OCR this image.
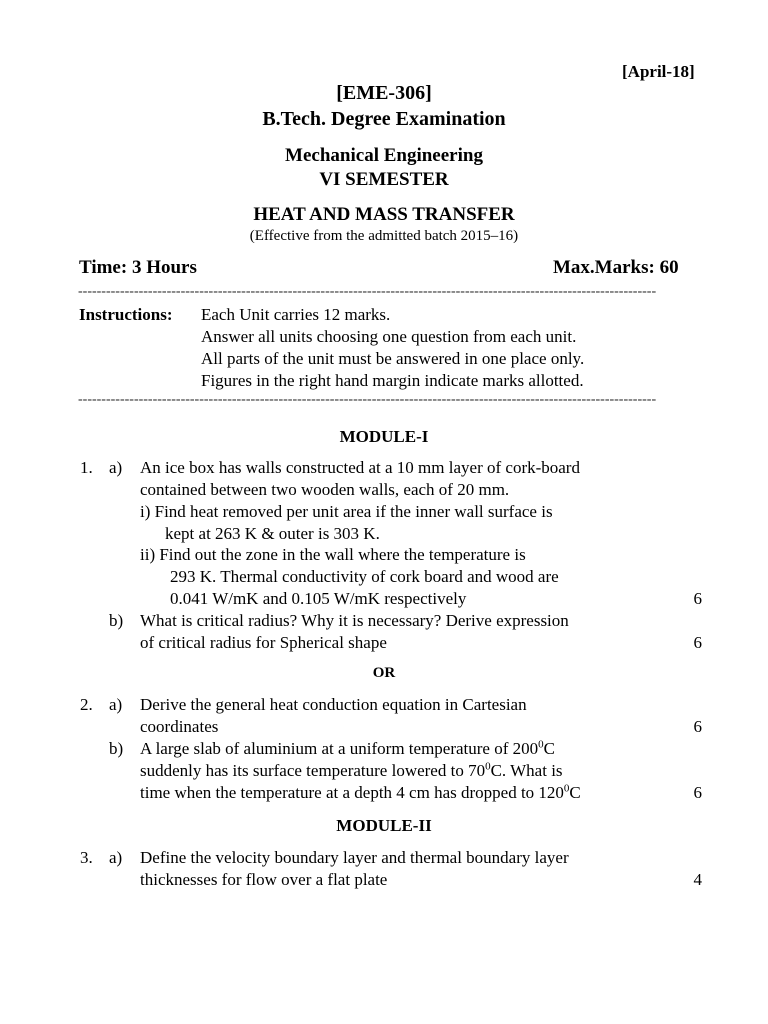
[April-18]
[EME-306]
B.Tech. Degree Examination
Mechanical Engineering
VI SEMESTER
HEAT AND MASS TRANSFER
(Effective from the admitted batch 2015–16)
Time: 3 Hours	Max.Marks: 60
----------------------------------------------------------------------------------------------------------------------------
Instructions: Each Unit carries 12 marks.
Answer all units choosing one question from each unit.
All parts of the unit must be answered in one place only.
Figures in the right hand margin indicate marks allotted.
----------------------------------------------------------------------------------------------------------------------------
MODULE-I
1. a) An ice box has walls constructed at a 10 mm layer of cork-board
contained between two wooden walls, each of 20 mm.
i) Find heat removed per unit area if the inner wall surface is
kept at 263 K & outer is 303 K.
ii) Find out the zone in the wall where the temperature is
293 K. Thermal conductivity of cork board and wood are
0.041 W/mK and 0.105 W/mK respectively	6
b) What is critical radius? Why it is necessary? Derive expression
of critical radius for Spherical shape	6
OR
2. a) Derive the general heat conduction equation in Cartesian
coordinates	6
b) A large slab of aluminium at a uniform temperature of $200^0C$
suddenly has its surface temperature lowered to $70^0C$. What is
time when the temperature at a depth 4 cm has dropped to $120^0C$	6
MODULE-II
3. a) Define the velocity boundary layer and thermal boundary layer
thicknesses for flow over a flat plate	4
